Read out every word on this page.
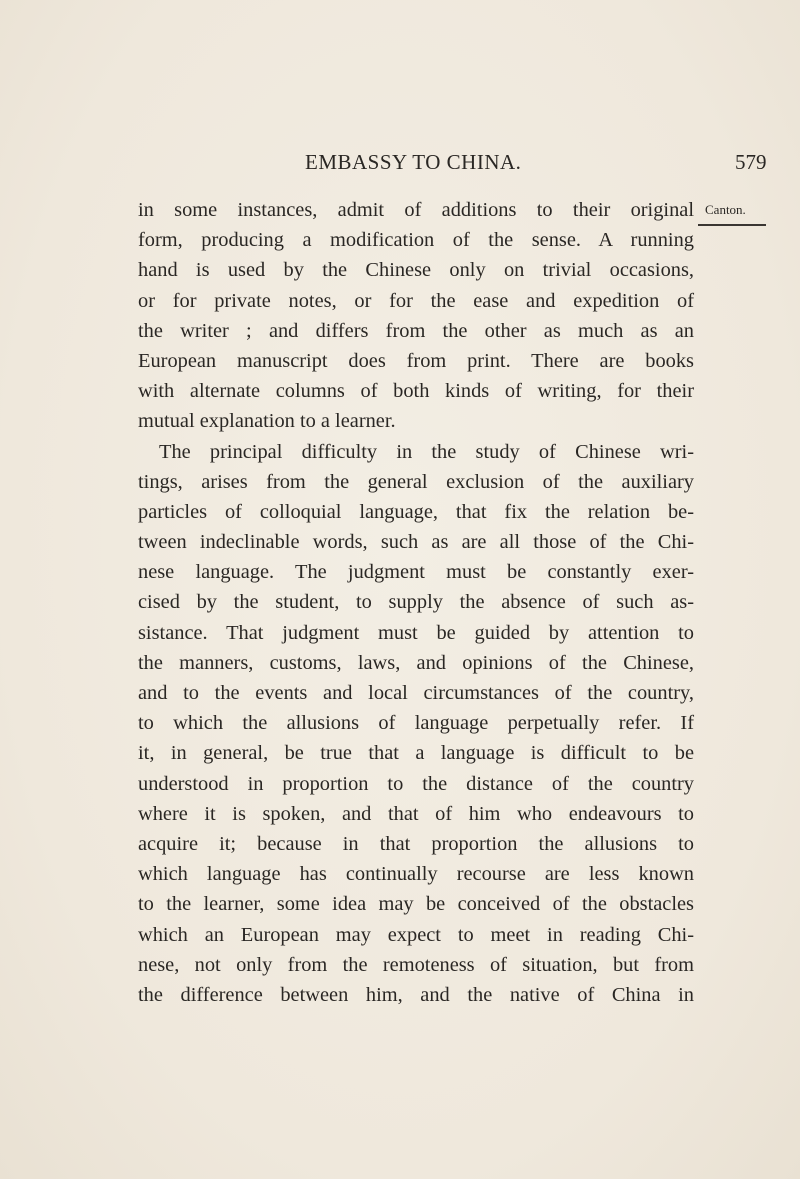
EMBASSY TO CHINA.	579
Canton.
in some instances, admit of additions to their original
form, producing a modification of the sense. A running
hand is used by the Chinese only on trivial occasions,
or for private notes, or for the ease and expedition of
the writer ; and differs from the other as much as an
European manuscript does from print. There are books
with alternate columns of both kinds of writing, for their
mutual explanation to a learner.
The principal difficulty in the study of Chinese wri-
tings, arises from the general exclusion of the auxiliary
particles of colloquial language, that fix the relation be-
tween indeclinable words, such as are all those of the Chi-
nese language. The judgment must be constantly exer-
cised by the student, to supply the absence of such as-
sistance. That judgment must be guided by attention to
the manners, customs, laws, and opinions of the Chinese,
and to the events and local circumstances of the country,
to which the allusions of language perpetually refer. If
it, in general, be true that a language is difficult to be
understood in proportion to the distance of the country
where it is spoken, and that of him who endeavours to
acquire it; because in that proportion the allusions to
which language has continually recourse are less known
to the learner, some idea may be conceived of the obstacles
which an European may expect to meet in reading Chi-
nese, not only from the remoteness of situation, but from
the difference between him, and the native of China in
